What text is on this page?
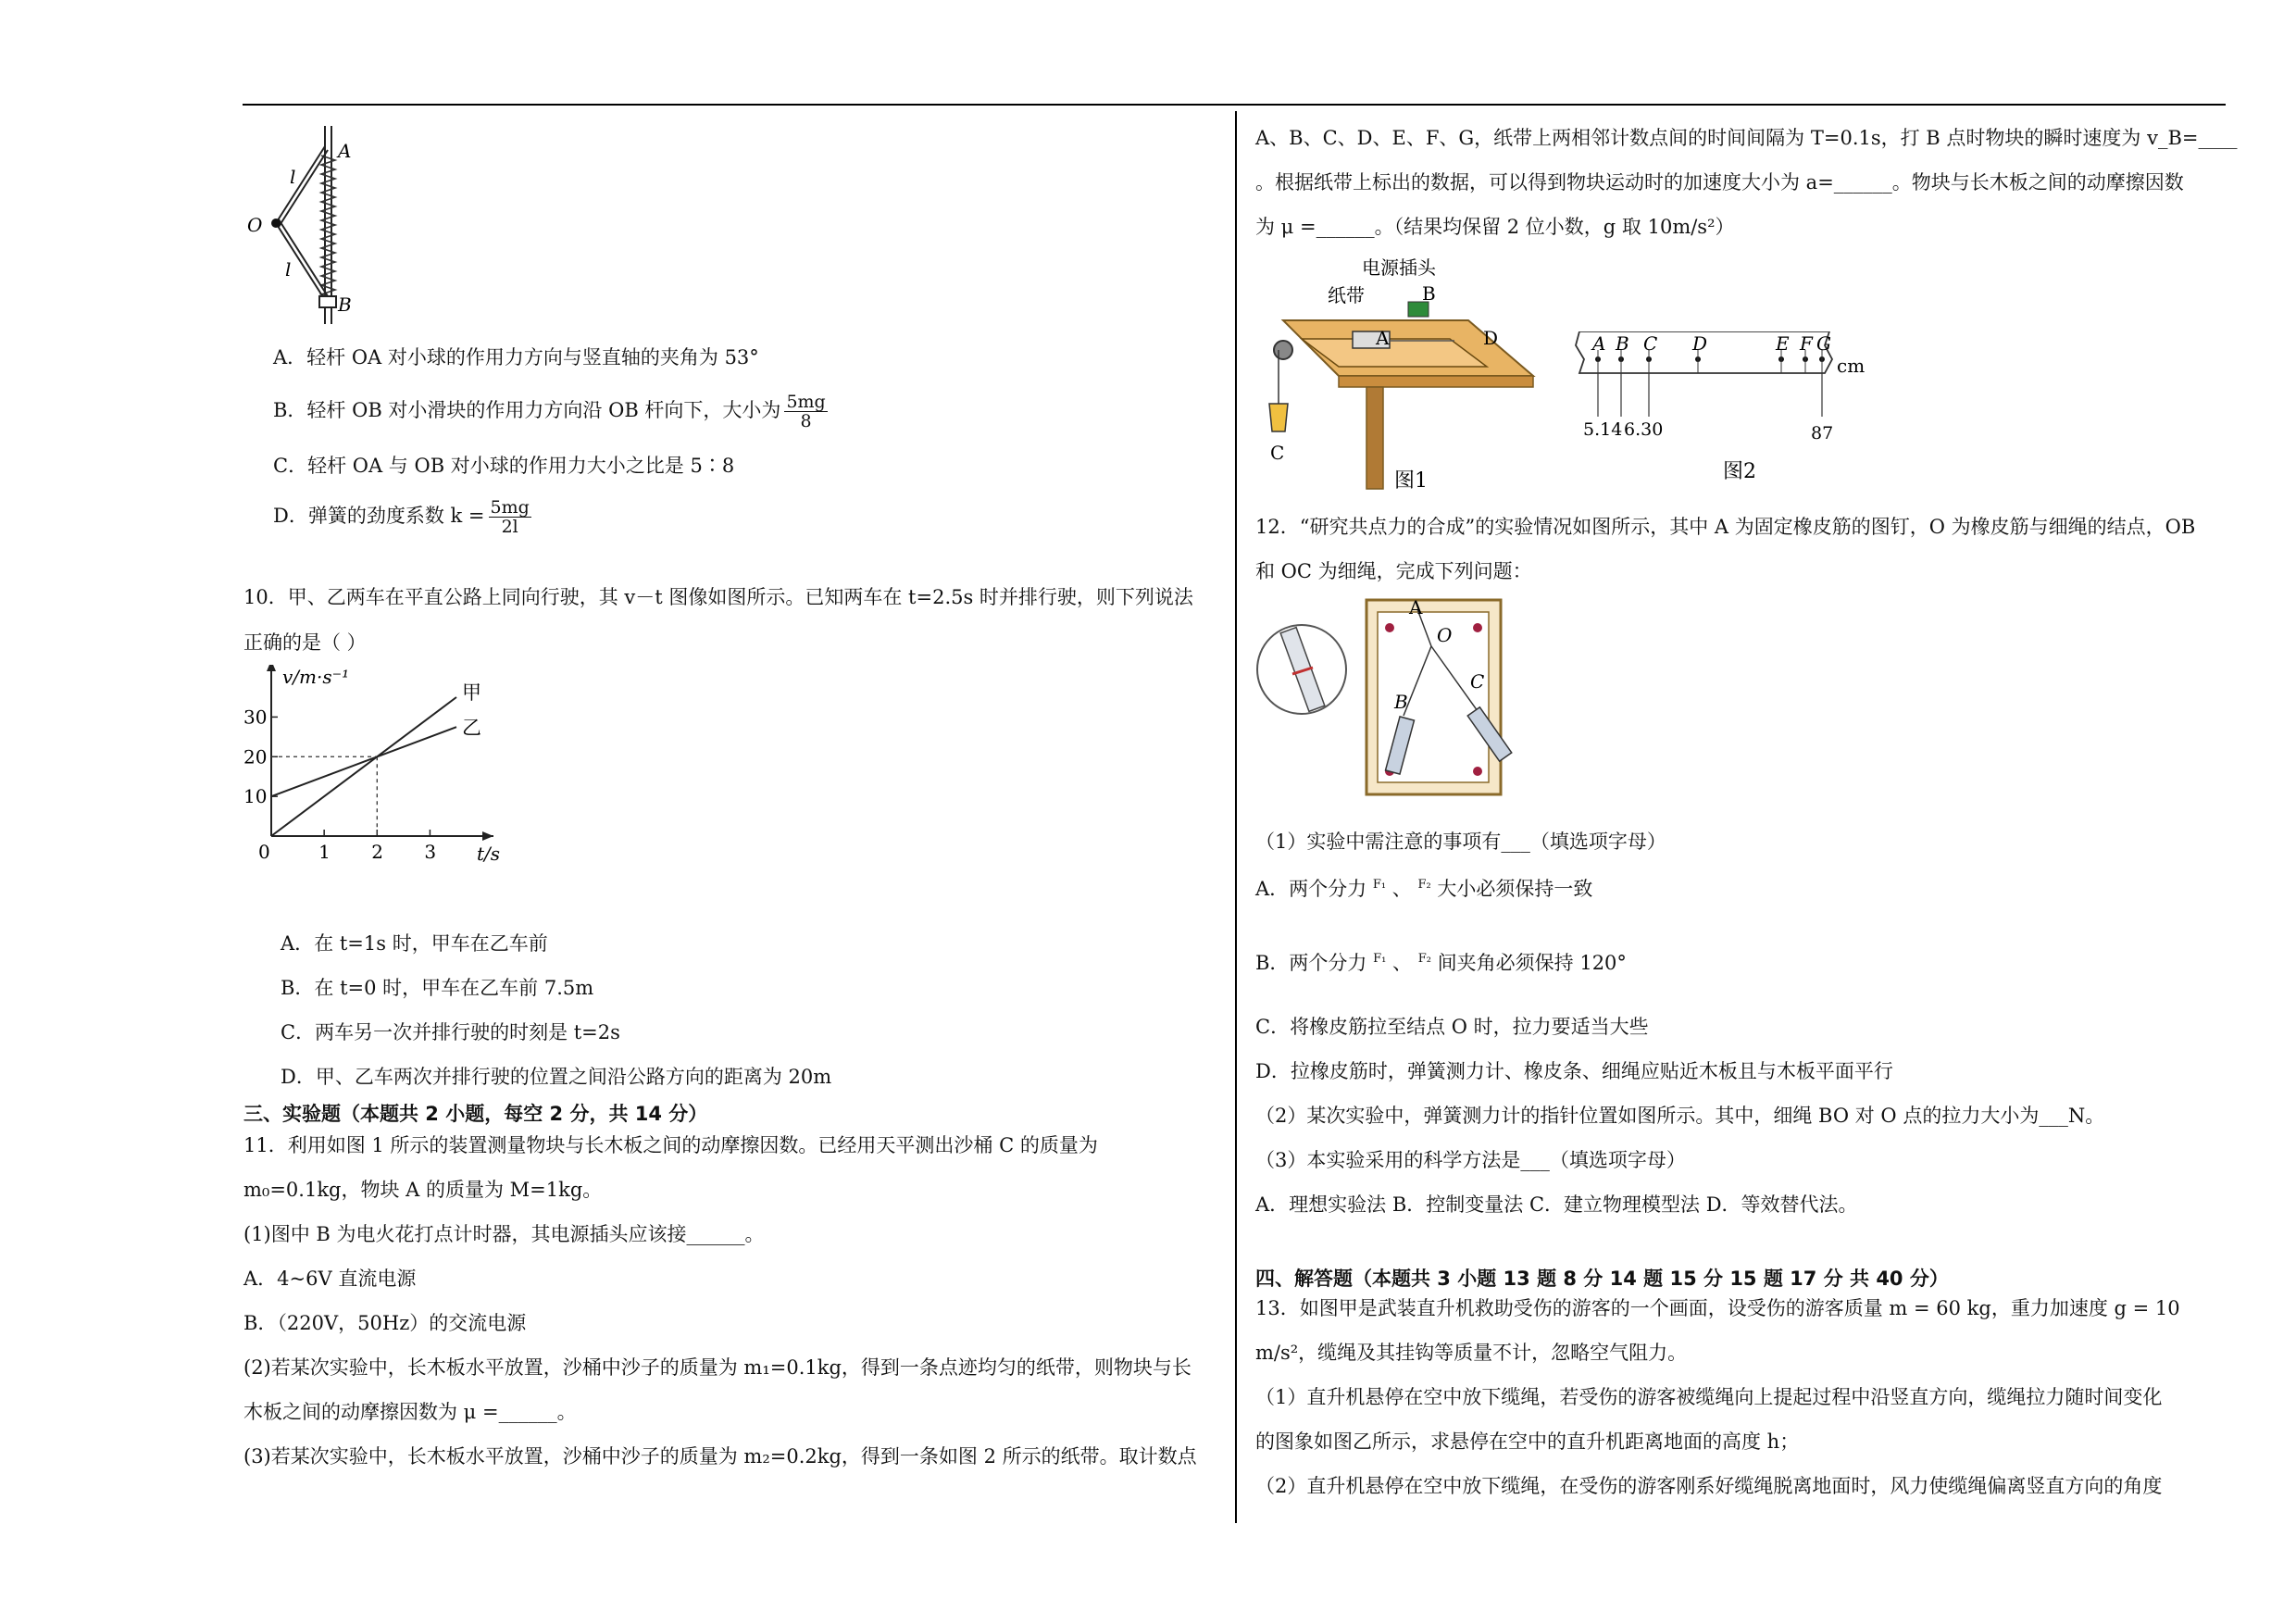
A
B
O
l
l
A．轻杆 OA 对小球的作用力方向与竖直轴的夹角为 53°
B．轻杆 OB 对小滑块的作用力方向沿 OB 杆向下，大小为 $\frac{5mg}{8}$
C．轻杆 OA 与 OB 对小球的作用力大小之比是 5∶8
D．弹簧的劲度系数 $k = \frac{5mg}{2l}$
10．甲、乙两车在平直公路上同向行驶，其 v－t 图像如图所示。已知两车在 t=2.5s 时并排行驶，则下列说法
正确的是（ ）
0	1 2 3
10
20
30
甲
乙
v/m·s⁻¹
t/s
A．在 t=1s 时，甲车在乙车前
B．在 t=0 时，甲车在乙车前 7.5m
C．两车另一次并排行驶的时刻是 t=2s
D．甲、乙车两次并排行驶的位置之间沿公路方向的距离为 20m
三、实验题（本题共 2 小题，每空 2 分，共 14 分）
11．利用如图 1 所示的装置测量物块与长木板之间的动摩擦因数。已经用天平测出沙桶 C 的质量为
m₀=0.1kg，物块 A 的质量为 M=1kg。
(1)图中 B 为电火花打点计时器，其电源插头应该接______。
A．4~6V 直流电源
B．（220V，50Hz）的交流电源
(2)若某次实验中，长木板水平放置，沙桶中沙子的质量为 m₁=0.1kg，得到一条点迹均匀的纸带，则物块与长
木板之间的动摩擦因数为 μ =______。
(3)若某次实验中，长木板水平放置，沙桶中沙子的质量为 m₂=0.2kg，得到一条如图 2 所示的纸带。取计数点
A、B、C、D、E、F、G，纸带上两相邻计数点间的时间间隔为 T=0.1s，打 B 点时物块的瞬时速度为 v_B=____
。根据纸带上标出的数据，可以得到物块运动时的加速度大小为 a=______。物块与长木板之间的动摩擦因数
为 μ =______。（结果均保留 2 位小数，g 取 10m/s²）
电源插头
纸带	B
A	D
C
图1
A B C D	E F G
5.14 6.30	87
cm
图2
12．“研究共点力的合成”的实验情况如图所示，其中 A 为固定橡皮筋的图钉，O 为橡皮筋与细绳的结点，OB
和 OC 为细绳，完成下列问题：
A
O
B
C
（1）实验中需注意的事项有___（填选项字母）
A．两个分力 $^{F_1}$ 、 $^{F_2}$ 大小必须保持一致
B．两个分力 $^{F_1}$ 、 $^{F_2}$ 间夹角必须保持 120°
C．将橡皮筋拉至结点 O 时，拉力要适当大些
D．拉橡皮筋时，弹簧测力计、橡皮条、细绳应贴近木板且与木板平面平行
（2）某次实验中，弹簧测力计的指针位置如图所示。其中，细绳 BO 对 O 点的拉力大小为___N。
（3）本实验采用的科学方法是___（填选项字母）
A．理想实验法 B．控制变量法 C．建立物理模型法 D．等效替代法。
四、解答题（本题共 3 小题 13 题 8 分 14 题 15 分 15 题 17 分 共 40 分）
13．如图甲是武装直升机救助受伤的游客的一个画面，设受伤的游客质量 m = 60 kg，重力加速度 g = 10
m/s²，缆绳及其挂钩等质量不计，忽略空气阻力。
（1）直升机悬停在空中放下缆绳，若受伤的游客被缆绳向上提起过程中沿竖直方向，缆绳拉力随时间变化
的图象如图乙所示，求悬停在空中的直升机距离地面的高度 h；
（2）直升机悬停在空中放下缆绳，在受伤的游客刚系好缆绳脱离地面时，风力使缆绳偏离竖直方向的角度
